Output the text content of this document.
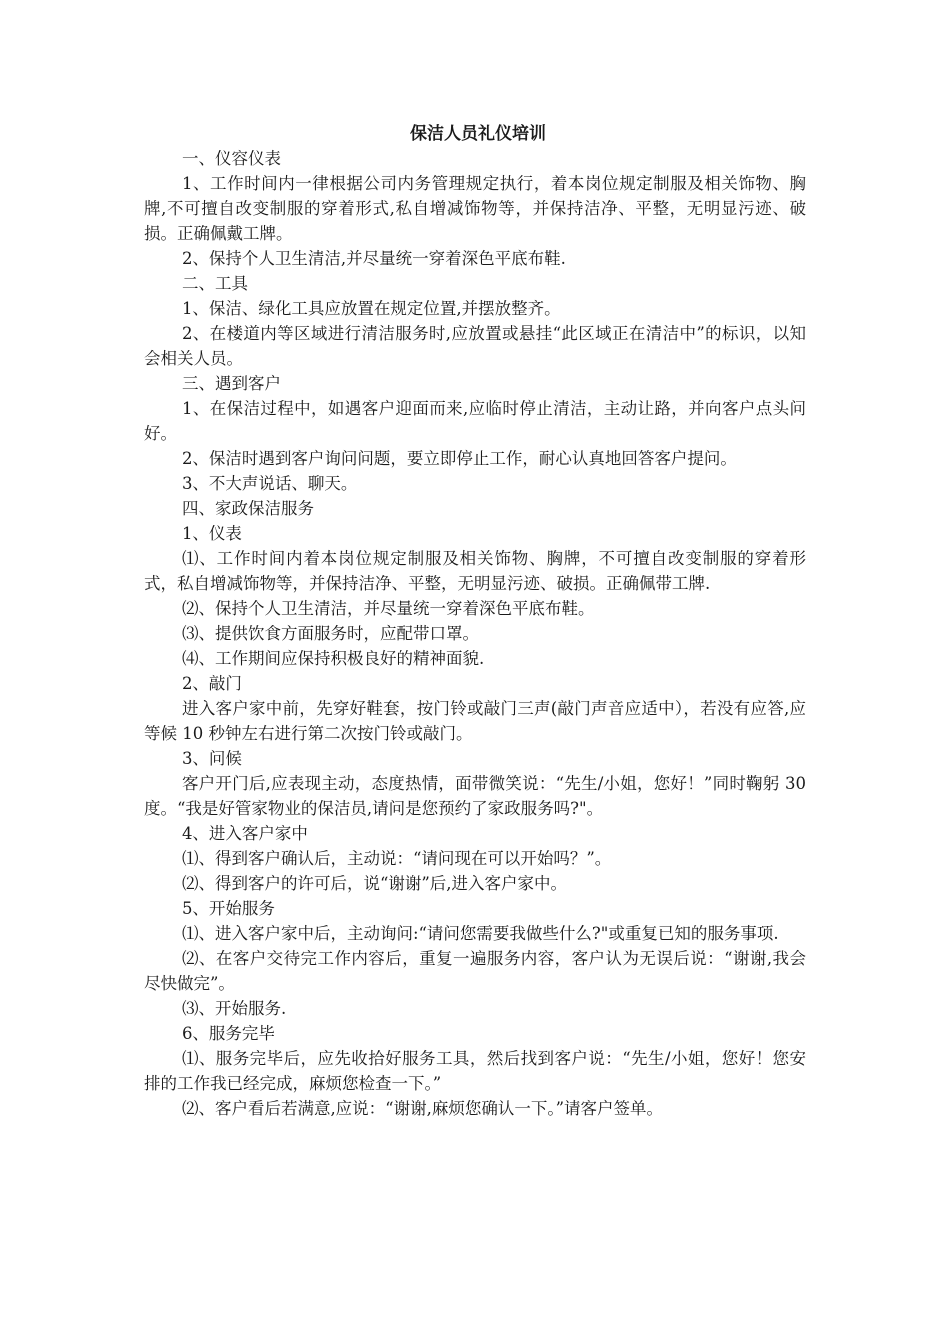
保洁人员礼仪培训

一、仪容仪表

1、工作时间内一律根据公司内务管理规定执行，着本岗位规定制服及相关饰物、胸牌,不可擅自改变制服的穿着形式,私自增减饰物等，并保持洁净、平整，无明显污迹、破损。正确佩戴工牌。

2、保持个人卫生清洁,并尽量统一穿着深色平底布鞋.

二、工具

1、保洁、绿化工具应放置在规定位置,并摆放整齐。

2、在楼道内等区域进行清洁服务时,应放置或悬挂“此区域正在清洁中”的标识，以知会相关人员。

三、遇到客户

1、在保洁过程中，如遇客户迎面而来,应临时停止清洁，主动让路，并向客户点头问好。

2、保洁时遇到客户询问问题，要立即停止工作，耐心认真地回答客户提问。

3、不大声说话、聊天。

四、家政保洁服务

1、仪表

⑴、工作时间内着本岗位规定制服及相关饰物、胸牌，不可擅自改变制服的穿着形式，私自增减饰物等，并保持洁净、平整，无明显污迹、破损。正确佩带工牌.

⑵、保持个人卫生清洁，并尽量统一穿着深色平底布鞋。

⑶、提供饮食方面服务时，应配带口罩。

⑷、工作期间应保持积极良好的精神面貌.

2、敲门

进入客户家中前，先穿好鞋套，按门铃或敲门三声(敲门声音应适中），若没有应答,应等候 10 秒钟左右进行第二次按门铃或敲门。

3、问候

客户开门后,应表现主动，态度热情，面带微笑说：“先生/小姐，您好！”同时鞠躬 30 度。“我是好管家物业的保洁员,请问是您预约了家政服务吗?"。

4、进入客户家中

⑴、得到客户确认后，主动说：“请问现在可以开始吗？”。

⑵、得到客户的许可后，说“谢谢”后,进入客户家中。

5、开始服务

⑴、进入客户家中后，主动询问:“请问您需要我做些什么?"或重复已知的服务事项.

⑵、在客户交待完工作内容后，重复一遍服务内容，客户认为无误后说：“谢谢,我会尽快做完”。

⑶、开始服务.

6、服务完毕

⑴、服务完毕后，应先收拾好服务工具，然后找到客户说：“先生/小姐，您好！您安排的工作我已经完成，麻烦您检查一下。”

⑵、客户看后若满意,应说：“谢谢,麻烦您确认一下。”请客户签单。
